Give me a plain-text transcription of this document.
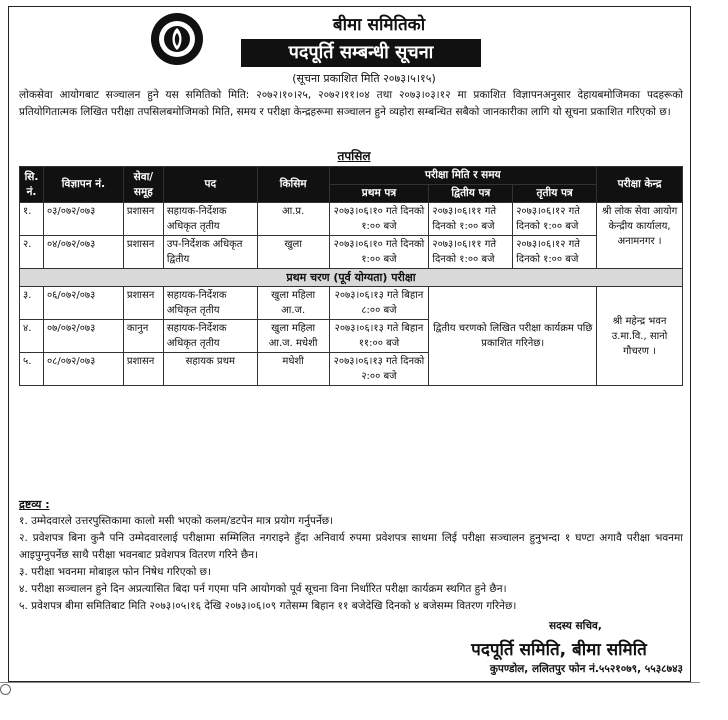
बीमा समितिको
पदपूर्ति सम्बन्धी सूचना
(सूचना प्रकाशित मिति २०७३।५।१५)
लोकसेवा आयोगबाट सञ्चालन हुने यस समितिको मिति: २०७२।१०।२५, २०७२।११।०४ तथा २०७३।०३।१२ मा प्रकाशित विज्ञापनअनुसार देहायबमोजिमका पदहरूको प्रतियोगितात्मक लिखित परीक्षा तपसिलबमोजिमको मिति, समय र परीक्षा केन्द्रहरूमा सञ्चालन हुने व्यहोरा सम्बन्धित सबैको जानकारीका लागि यो सूचना प्रकाशित गरिएको छ।
तपसिल
सि. नं.	विज्ञापन नं.	सेवा/ समूह	पद	किसिम	परीक्षा मिति र समय			परीक्षा केन्द्र
					प्रथम पत्र	द्वितीय पत्र	तृतीय पत्र	
१.	०३/०७२/०७३	प्रशासन	सहायक-निर्देशक अधिकृत तृतीय	आ.प्र.	२०७३।०६।१० गते दिनको १:०० बजे	२०७३।०६।११ गते दिनको १:०० बजे	२०७३।०६।१२ गते दिनको १:०० बजे	श्री लोक सेवा आयोग केन्द्रीय कार्यालय, अनामनगर ।
२.	०४/०७२/०७३	प्रशासन	उप-निर्देशक अधिकृत द्वितीय	खुला	२०७३।०६।१० गते दिनको १:०० बजे	२०७३।०६।११ गते दिनको १:०० बजे	२०७३।०६।१२ गते दिनको १:०० बजे	
प्रथम चरण (पूर्व योग्यता) परीक्षा								
३.	०६/०७२/०७३	प्रशासन	सहायक-निर्देशक अधिकृत तृतीय	खुला महिला आ.ज.	२०७३।०६।१३ गते बिहान ८:०० बजे	द्वितीय चरणको लिखित परीक्षा कार्यक्रम पछि प्रकाशित गरिनेछ।		श्री महेन्द्र भवन उ.मा.वि., सानो गौचरण ।
४.	०७/०७२/०७३	कानुन	सहायक-निर्देशक अधिकृत तृतीय	खुला महिला आ.ज. मधेशी	२०७३।०६।१३ गते बिहान ११:०० बजे			
५.	०८/०७२/०७३	प्रशासन	सहायक प्रथम	मधेशी	२०७३।०६।१३ गते दिनको २:०० बजे			
द्रष्टव्य :
१. उम्मेदवारले उत्तरपुस्तिकामा कालो मसी भएको कलम/डटपेन मात्र प्रयोग गर्नुपर्नेछ।
२. प्रवेशपत्र बिना कुनै पनि उम्मेदवारलाई परीक्षामा सम्मिलित नगराइने हुँदा अनिवार्य रुपमा प्रवेशपत्र साथमा लिई परीक्षा सञ्चालन हुनुभन्दा १ घण्टा अगावै परीक्षा भवनमा आइपुग्नुपर्नेछ साथै परीक्षा भवनबाट प्रवेशपत्र वितरण गरिने छैन।
३. परीक्षा भवनमा मोबाइल फोन निषेध गरिएको छ।
४. परीक्षा सञ्चालन हुने दिन अप्रत्यासित बिदा पर्न गएमा पनि आयोगको पूर्व सूचना विना निर्धारित परीक्षा कार्यक्रम स्थगित हुने छैन।
५. प्रवेशपत्र बीमा समितिबाट मिति २०७३।०५।१६ देखि २०७३।०६।०९ गतेसम्म बिहान ११ बजेदेखि दिनको ४ बजेसम्म वितरण गरिनेछ।
सदस्य सचिव,
पदपूर्ति समिति, बीमा समिति
कुपण्डोल, ललितपुर फोन नं.५५२१०७९, ५५३८७४३
